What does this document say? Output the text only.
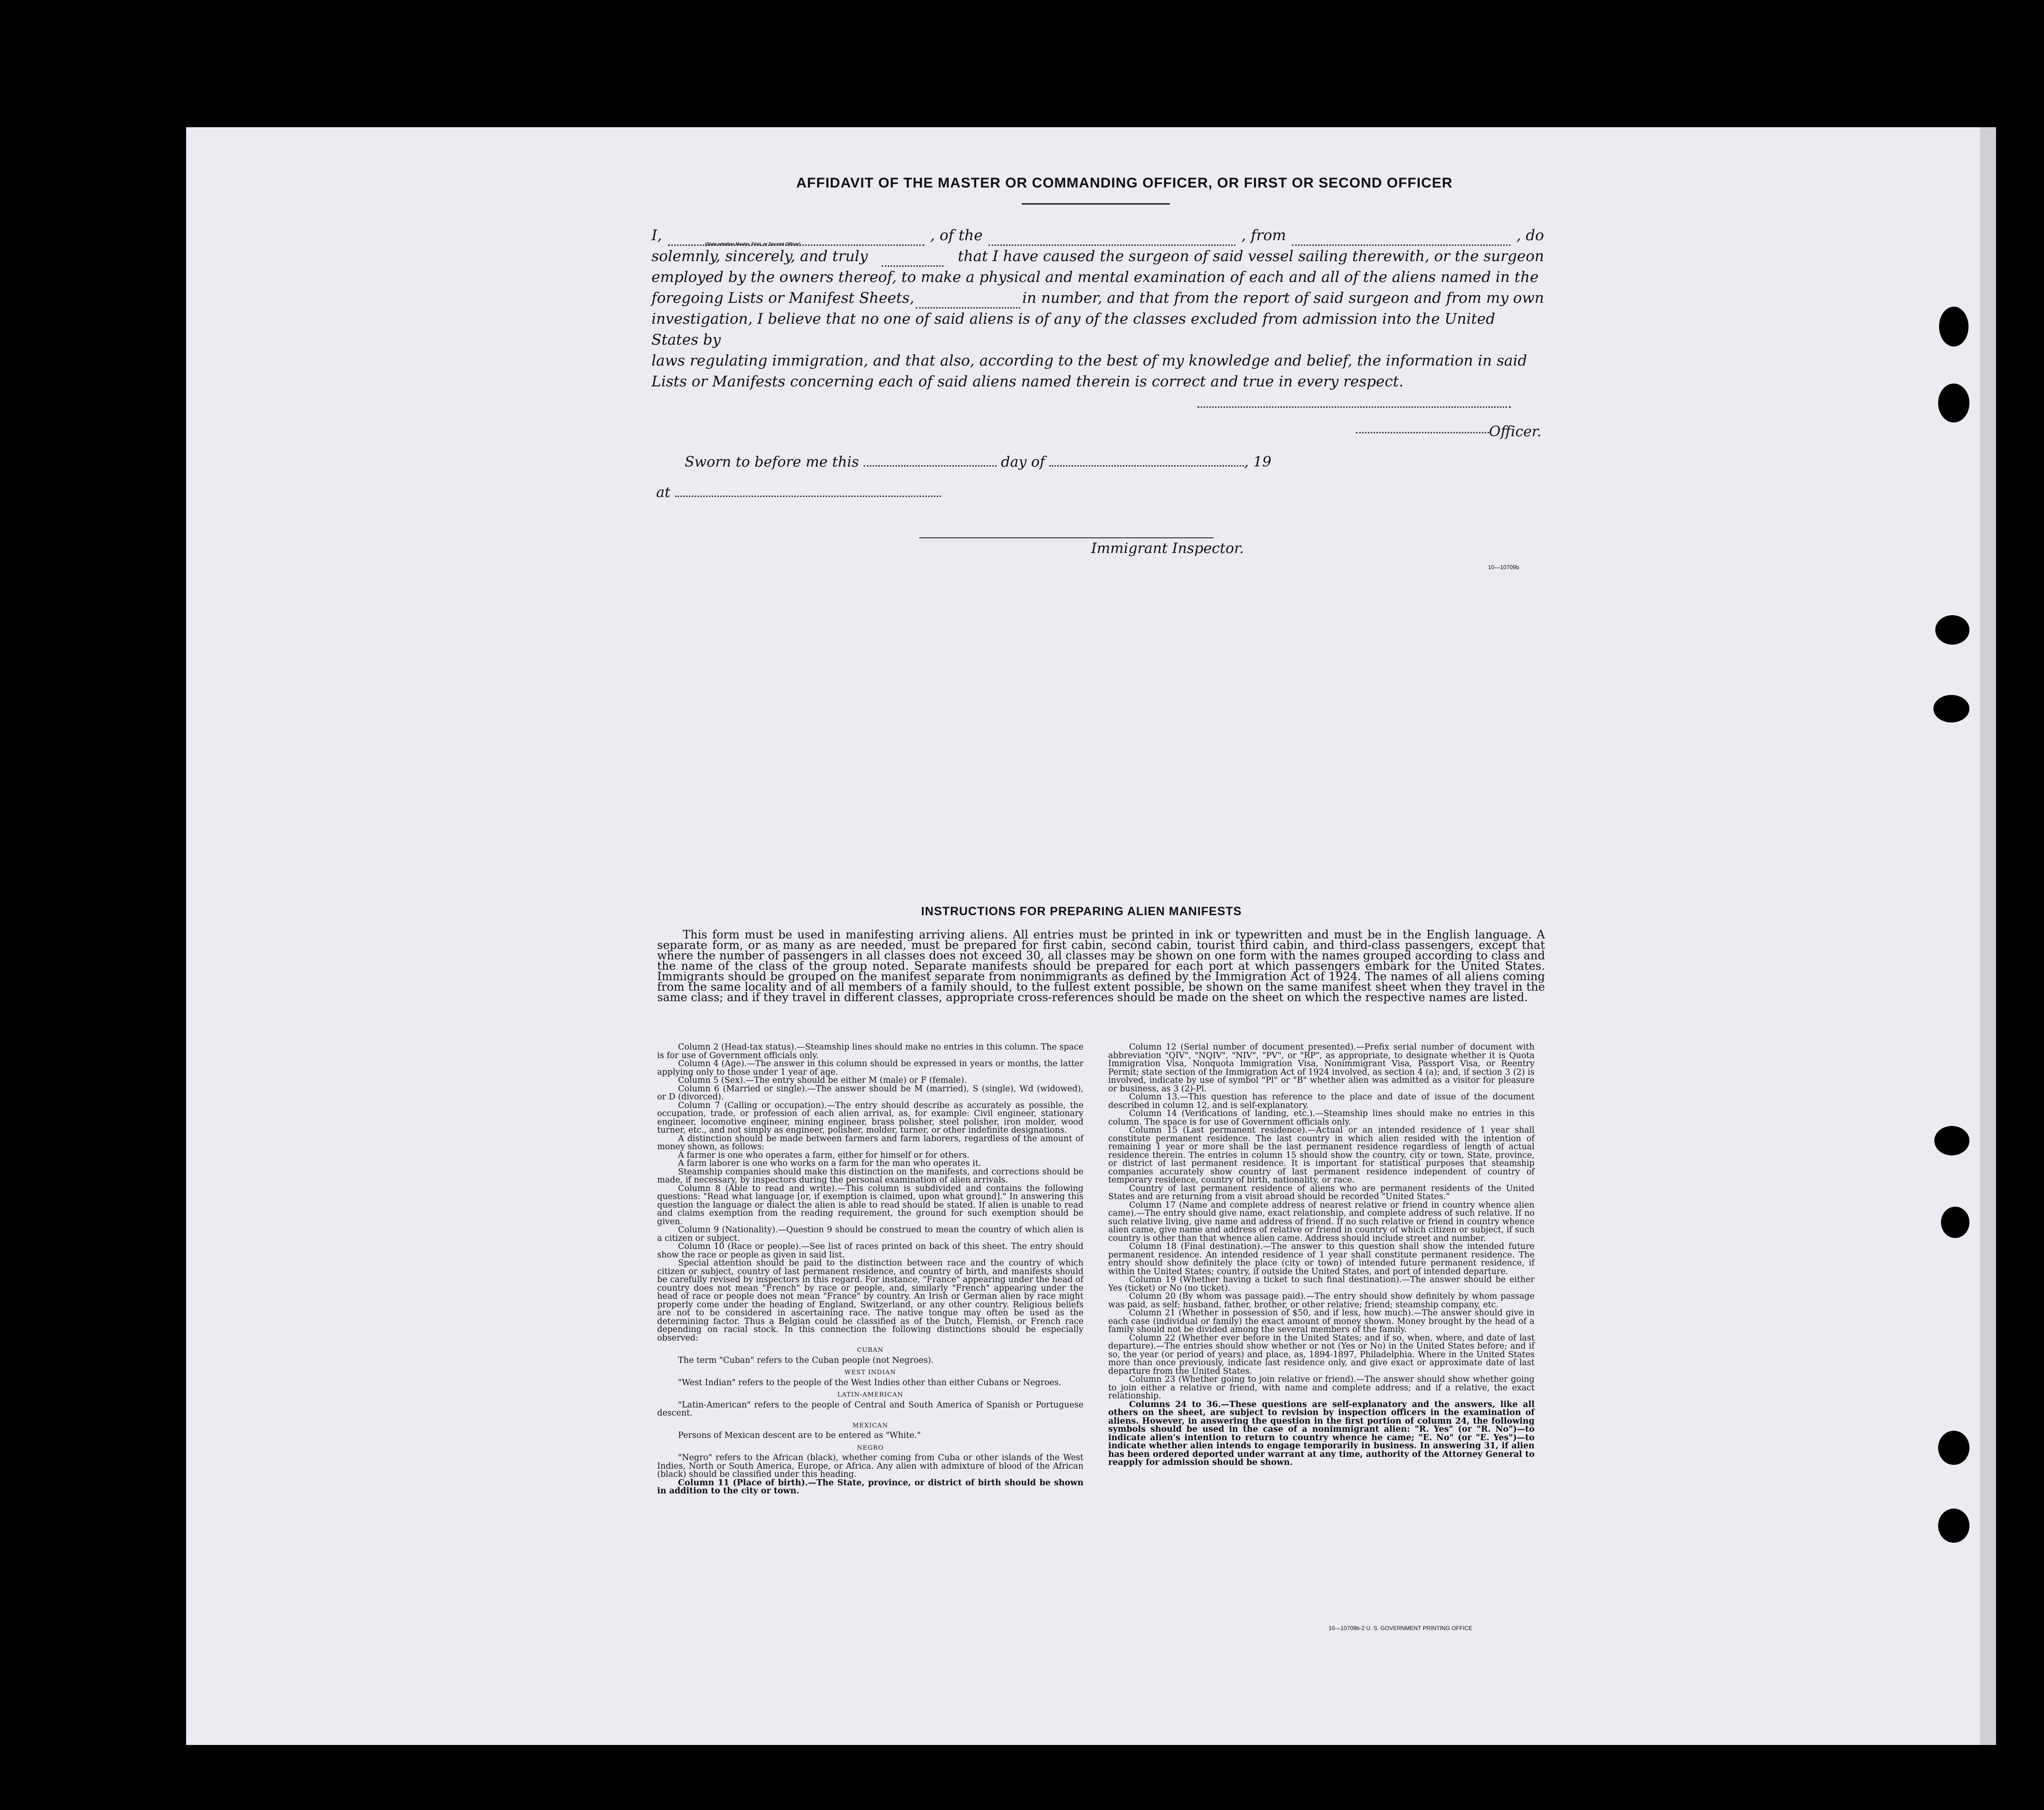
AFFIDAVIT OF THE MASTER OR COMMANDING OFFICER, OR FIRST OR SECOND OFFICER
I,	, of the	, from	, do
solemnly, sincerely, and truly	that I have caused the surgeon of said vessel sailing therewith, or the surgeon
employed by the owners thereof, to make a physical and mental examination of each and all of the aliens named in the
foregoing Lists or Manifest Sheets,	in number, and that from the report of said surgeon and from my own
investigation, I believe that no one of said aliens is of any of the classes excluded from admission into the United States by
laws regulating immigration, and that also, according to the best of my knowledge and belief, the information in said
Lists or Manifests concerning each of said aliens named therein is correct and true in every respect.
(State whether Master, First, or Second Officer)
Officer.
Sworn to before me this	day of	, 19
at
Immigrant Inspector.
10—10709b
INSTRUCTIONS FOR PREPARING ALIEN MANIFESTS
This form must be used in manifesting arriving aliens. All entries must be printed in ink or typewritten and must be in the English language. A separate form, or as many as are needed, must be prepared for first cabin, second cabin, tourist third cabin, and third-class passengers, except that where the number of passengers in all classes does not exceed 30, all classes may be shown on one form with the names grouped according to class and the name of the class of the group noted. Separate manifests should be prepared for each port at which passengers embark for the United States. Immigrants should be grouped on the manifest separate from nonimmigrants as defined by the Immigration Act of 1924. The names of all aliens coming from the same locality and of all members of a family should, to the fullest extent possible, be shown on the same manifest sheet when they travel in the same class; and if they travel in different classes, appropriate cross-references should be made on the sheet on which the respective names are listed.

Column 2 (Head-tax status).—Steamship lines should make no entries in this column. The space is for use of Government officials only.

Column 4 (Age).—The answer in this column should be expressed in years or months, the latter applying only to those under 1 year of age.

Column 5 (Sex).—The entry should be either M (male) or F (female).

Column 6 (Married or single).—The answer should be M (married), S (single), Wd (widowed), or D (divorced).

Column 7 (Calling or occupation).—The entry should describe as accurately as possible, the occupation, trade, or profession of each alien arrival, as, for example: Civil engineer, stationary engineer, locomotive engineer, mining engineer, brass polisher, steel polisher, iron molder, wood turner, etc., and not simply as engineer, polisher, molder, turner, or other indefinite designations.

A distinction should be made between farmers and farm laborers, regardless of the amount of money shown, as follows:

A farmer is one who operates a farm, either for himself or for others.

A farm laborer is one who works on a farm for the man who operates it.

Steamship companies should make this distinction on the manifests, and corrections should be made, if necessary, by inspectors during the personal examination of alien arrivals.

Column 8 (Able to read and write).—This column is subdivided and contains the following questions: "Read what language [or, if exemption is claimed, upon what ground]." In answering this question the language or dialect the alien is able to read should be stated. If alien is unable to read and claims exemption from the reading requirement, the ground for such exemption should be given.

Column 9 (Nationality).—Question 9 should be construed to mean the country of which alien is a citizen or subject.

Column 10 (Race or people).—See list of races printed on back of this sheet. The entry should show the race or people as given in said list.

Special attention should be paid to the distinction between race and the country of which citizen or subject, country of last permanent residence, and country of birth, and manifests should be carefully revised by inspectors in this regard. For instance, "France" appearing under the head of country does not mean "French" by race or people, and, similarly "French" appearing under the head of race or people does not mean "France" by country. An Irish or German alien by race might properly come under the heading of England, Switzerland, or any other country. Religious beliefs are not to be considered in ascertaining race. The native tongue may often be used as the determining factor. Thus a Belgian could be classified as of the Dutch, Flemish, or French race depending on racial stock. In this connection the following distinctions should be especially observed:

CUBAN

The term "Cuban" refers to the Cuban people (not Negroes).

WEST INDIAN

"West Indian" refers to the people of the West Indies other than either Cubans or Negroes.

LATIN-AMERICAN

"Latin-American" refers to the people of Central and South America of Spanish or Portuguese descent.

MEXICAN

Persons of Mexican descent are to be entered as "White."

NEGRO

"Negro" refers to the African (black), whether coming from Cuba or other islands of the West Indies, North or South America, Europe, or Africa. Any alien with admixture of blood of the African (black) should be classified under this heading.

Column 11 (Place of birth).—The State, province, or district of birth should be shown in addition to the city or town.

Column 12 (Serial number of document presented).—Prefix serial number of document with abbreviation "QIV", "NQIV", "NIV", "PV", or "RP", as appropriate, to designate whether it is Quota Immigration Visa, Nonquota Immigration Visa, Nonimmigrant Visa, Passport Visa, or Reentry Permit; state section of the Immigration Act of 1924 involved, as section 4 (a); and, if section 3 (2) is involved, indicate by use of symbol "Pl" or "B" whether alien was admitted as a visitor for pleasure or business, as 3 (2)-Pl.

Column 13.—This question has reference to the place and date of issue of the document described in column 12, and is self-explanatory.

Column 14 (Verifications of landing, etc.).—Steamship lines should make no entries in this column. The space is for use of Government officials only.

Column 15 (Last permanent residence).—Actual or an intended residence of 1 year shall constitute permanent residence. The last country in which alien resided with the intention of remaining 1 year or more shall be the last permanent residence regardless of length of actual residence therein. The entries in column 15 should show the country, city or town, State, province, or district of last permanent residence. It is important for statistical purposes that steamship companies accurately show country of last permanent residence independent of country of temporary residence, country of birth, nationality, or race.

Country of last permanent residence of aliens who are permanent residents of the United States and are returning from a visit abroad should be recorded "United States."

Column 17 (Name and complete address of nearest relative or friend in country whence alien came).—The entry should give name, exact relationship, and complete address of such relative. If no such relative living, give name and address of friend. If no such relative or friend in country whence alien came, give name and address of relative or friend in country of which citizen or subject, if such country is other than that whence alien came. Address should include street and number.

Column 18 (Final destination).—The answer to this question shall show the intended future permanent residence. An intended residence of 1 year shall constitute permanent residence. The entry should show definitely the place (city or town) of intended future permanent residence, if within the United States; country, if outside the United States, and port of intended departure.

Column 19 (Whether having a ticket to such final destination).—The answer should be either Yes (ticket) or No (no ticket).

Column 20 (By whom was passage paid).—The entry should show definitely by whom passage was paid, as self; husband, father, brother, or other relative; friend; steamship company, etc.

Column 21 (Whether in possession of $50, and if less, how much).—The answer should give in each case (individual or family) the exact amount of money shown. Money brought by the head of a family should not be divided among the several members of the family.

Column 22 (Whether ever before in the United States; and if so, when, where, and date of last departure).—The entries should show whether or not (Yes or No) in the United States before; and if so, the year (or period of years) and place, as, 1894-1897, Philadelphia. Where in the United States more than once previously, indicate last residence only, and give exact or approximate date of last departure from the United States.

Column 23 (Whether going to join relative or friend).—The answer should show whether going to join either a relative or friend, with name and complete address; and if a relative, the exact relationship.

Columns 24 to 36.—These questions are self-explanatory and the answers, like all others on the sheet, are subject to revision by inspection officers in the examination of aliens. However, in answering the question in the first portion of column 24, the following symbols should be used in the case of a nonimmigrant alien: "R. Yes" (or "R. No")—to indicate alien's intention to return to country whence he came; "E. No" (or "E. Yes")—to indicate whether alien intends to engage temporarily in business. In answering 31, if alien has been ordered deported under warrant at any time, authority of the Attorney General to reapply for admission should be shown.

10—10709b-2 U. S. GOVERNMENT PRINTING OFFICE
